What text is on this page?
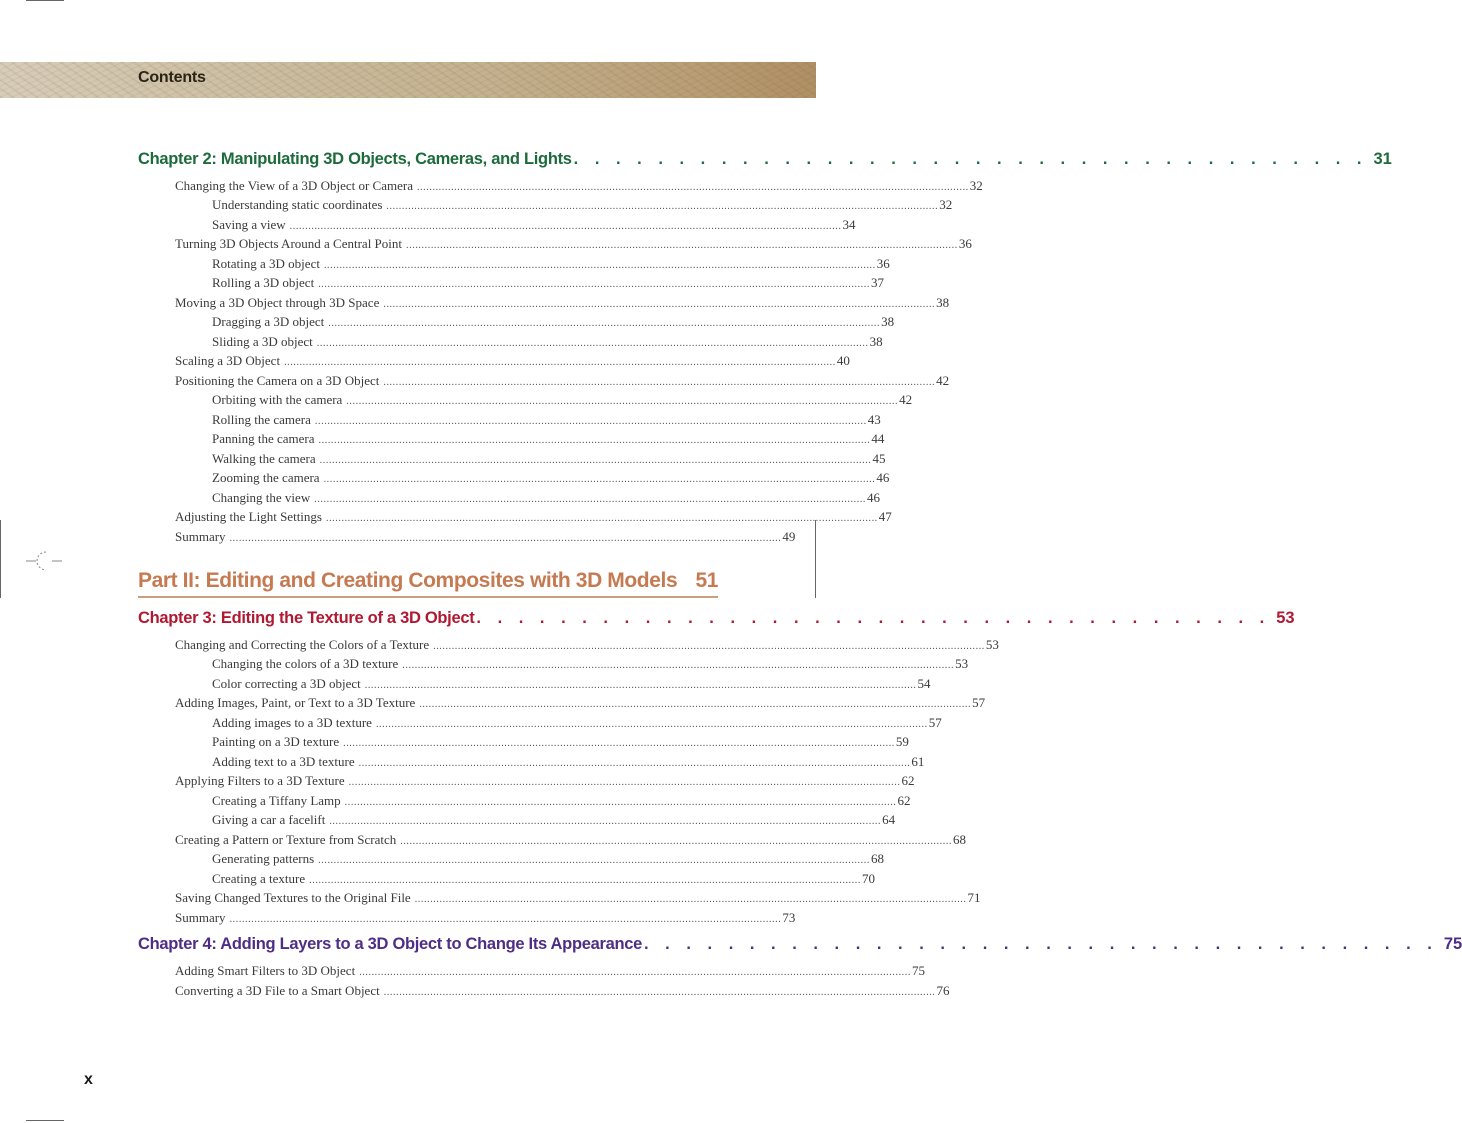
Contents
Chapter 2: Manipulating 3D Objects, Cameras, and Lights . . . . . . . . . . . . . . . . . . . . . . . . . . . . . . . . . . . . . . 31
Changing the View of a 3D Object or Camera .................................................................................................................................................................................. 32
Understanding static coordinates .................................................................................................................................................................................. 32
Saving a view .................................................................................................................................................................................. 34
Turning 3D Objects Around a Central Point .................................................................................................................................................................................. 36
Rotating a 3D object .................................................................................................................................................................................. 36
Rolling a 3D object .................................................................................................................................................................................. 37
Moving a 3D Object through 3D Space .................................................................................................................................................................................. 38
Dragging a 3D object .................................................................................................................................................................................. 38
Sliding a 3D object .................................................................................................................................................................................. 38
Scaling a 3D Object .................................................................................................................................................................................. 40
Positioning the Camera on a 3D Object .................................................................................................................................................................................. 42
Orbiting with the camera .................................................................................................................................................................................. 42
Rolling the camera .................................................................................................................................................................................. 43
Panning the camera .................................................................................................................................................................................. 44
Walking the camera .................................................................................................................................................................................. 45
Zooming the camera .................................................................................................................................................................................. 46
Changing the view .................................................................................................................................................................................. 46
Adjusting the Light Settings .................................................................................................................................................................................. 47
Summary .................................................................................................................................................................................. 49
Part II: Editing and Creating Composites with 3D Models 51
Chapter 3: Editing the Texture of a 3D Object . . . . . . . . . . . . . . . . . . . . . . . . . . . . . . . . . . . . . . 53
Changing and Correcting the Colors of a Texture .................................................................................................................................................................................. 53
Changing the colors of a 3D texture .................................................................................................................................................................................. 53
Color correcting a 3D object .................................................................................................................................................................................. 54
Adding Images, Paint, or Text to a 3D Texture .................................................................................................................................................................................. 57
Adding images to a 3D texture .................................................................................................................................................................................. 57
Painting on a 3D texture .................................................................................................................................................................................. 59
Adding text to a 3D texture .................................................................................................................................................................................. 61
Applying Filters to a 3D Texture .................................................................................................................................................................................. 62
Creating a Tiffany Lamp .................................................................................................................................................................................. 62
Giving a car a facelift .................................................................................................................................................................................. 64
Creating a Pattern or Texture from Scratch .................................................................................................................................................................................. 68
Generating patterns .................................................................................................................................................................................. 68
Creating a texture .................................................................................................................................................................................. 70
Saving Changed Textures to the Original File .................................................................................................................................................................................. 71
Summary .................................................................................................................................................................................. 73
Chapter 4: Adding Layers to a 3D Object to Change Its Appearance . . . . . . . . . . . . . . . . . . . . . . . . . . . . . . . . . . . . . . 75
Adding Smart Filters to 3D Object .................................................................................................................................................................................. 75
Converting a 3D File to a Smart Object .................................................................................................................................................................................. 76
x
